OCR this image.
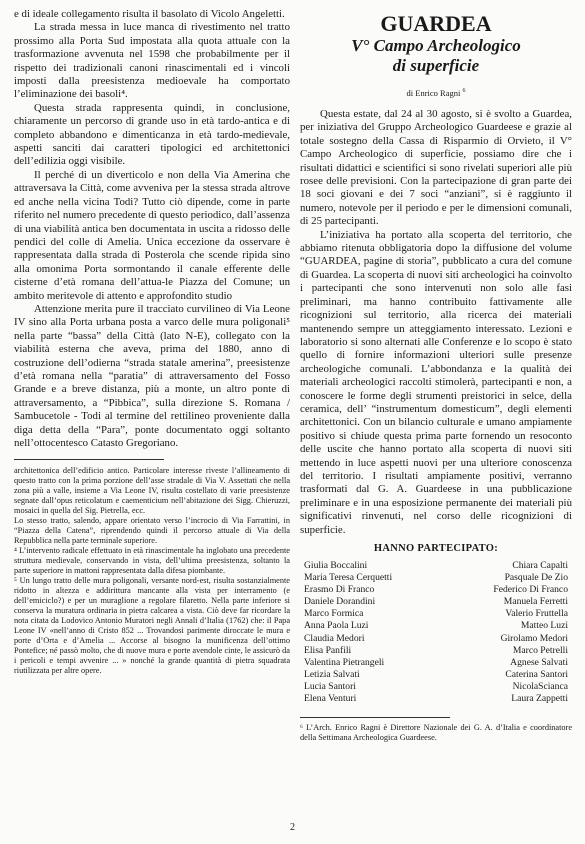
e di ideale collegamento risulta il basolato di Vicolo Angeletti.

La strada messa in luce manca di rivestimento nel tratto prossimo alla Porta Sud impostata alla quota attuale con la trasformazione avvenuta nel 1598 che probabilmente per il rispetto dei tradizionali canoni rinascimentali ed i vincoli imposti dalla preesistenza medioevale ha comportato l’eliminazione dei basoli⁴.

Questa strada rappresenta quindi, in conclusione, chiaramente un percorso di grande uso in età tardo-antica e di completo abbandono e dimenticanza in età tardo-medievale, aspetti sanciti dai caratteri tipologici ed architettonici dell’edilizia oggi visibile.

Il perché di un diverticolo e non della Via Amerina che attraversava la Città, come avveniva per la stessa strada altrove ed anche nella vicina Todi? Tutto ciò dipende, come in parte riferito nel numero precedente di questo periodico, dall’assenza di una viabilità antica ben documentata in uscita a ridosso delle pendici del colle di Amelia. Unica eccezione da osservare è rappresentata dalla strada di Posterola che scende ripida sino alla omonima Porta sormontando il canale efferente delle cisterne d’età romana dell’attua-le Piazza del Comune; un ambito meritevole di attento e approfondito studio

Attenzione merita pure il tracciato curvilineo di Via Leone IV sino alla Porta urbana posta a varco delle mura poligonali⁵ nella parte “bassa” della Città (lato N-E), collegato con la viabilità esterna che aveva, prima del 1880, anno di costruzione dell’odierna “strada statale amerina”, preesistenze d’età romana nella “paratia” di attraversamento del Fosso Grande e a breve distanza, più a monte, un altro ponte di attraversamento, a “Pibbica”, sulla direzione S. Romana / Sambucetole - Todi al termine del rettilineo proveniente dalla diga detta della “Para”, ponte documentato oggi soltanto nell’ottocentesco Catasto Gregoriano.

architettonica dell’edificio antico. Particolare interesse riveste l’allineamento di questo tratto con la prima porzione dell’asse stradale di Via V. Assettati che nella zona più a valle, insieme a Via Leone IV, risulta costellato di varie preesistenze segnate dall’opus reticolatum e caementicium nell’abitazione dei Sigg. Chieruzzi, mosaici in quella del Sig. Pietrella, ecc.

Lo stesso tratto, salendo, appare orientato verso l’incrocio di Via Farrattini, in “Piazza della Catena”, riprendendo quindi il percorso attuale di Via della Repubblica nella parte terminale superiore.

⁴ L’intervento radicale effettuato in età rinascimentale ha inglobato una precedente struttura medievale, conservando in vista, dell’ultima preesistenza, soltanto la parte superiore in mattoni rappresentata dalla difesa piombante.

⁵ Un lungo tratto delle mura poligonali, versante nord-est, risulta sostanzialmente ridotto in altezza e addirittura mancante alla vista per interramento (e dell’emiciclo?) e per un muraglione a regolare filaretto. Nella parte inferiore si conserva la muratura ordinaria in pietra calcarea a vista. Ciò deve far ricordare la nota citata da Lodovico Antonio Muratori negli Annali d’Italia (1762) che: il Papa Leone IV «nell’anno di Cristo 852 ... Trovandosi parimente diroccate le mura e porte d’Orta e d’Amelia ... Accorse al bisogno la munificenza dell’ottimo Pontefice; né passò molto, che di nuove mura e porte avendole cinte, le assicurò da i pericoli e tempi avvenire ... » nonché la grande quantità di pietra squadrata riutilizzata per altre opere.

GUARDEA
V° Campo Archeologico
di superficie
di Enrico Ragni $^6$

Questa estate, dal 24 al 30 agosto, si è svolto a Guardea, per iniziativa del Gruppo Archeologico Guardeese e grazie al totale sostegno della Cassa di Risparmio di Orvieto, il V° Campo Archeologico di superficie, possiamo dire che i risultati didattici e scientifici si sono rivelati superiori alle più rosee delle previsioni. Con la partecipazione di gran parte dei 18 soci giovani e dei 7 soci “anziani”, si è raggiunto il numero, notevole per il periodo e per le dimensioni comunali, di 25 partecipanti.

L’iniziativa ha portato alla scoperta del territorio, che abbiamo ritenuta obbligatoria dopo la diffusione del volume “GUARDEA, pagine di storia”, pubblicato a cura del comune di Guardea. La scoperta di nuovi siti archeologici ha coinvolto i partecipanti che sono intervenuti non solo alle fasi preliminari, ma hanno contribuito fattivamente alle ricognizioni sul territorio, alla ricerca dei materiali mantenendo sempre un atteggiamento interessato. Lezioni e laboratorio si sono alternati alle Conferenze e lo scopo è stato quello di fornire informazioni ulteriori sulle presenze archeologiche comunali. L’abbondanza e la qualità dei materiali archeologici raccolti stimolerà, partecipanti e non, a conoscere le forme degli strumenti preistorici in selce, della ceramica, dell’ “instrumentum domesticum”, degli elementi architettonici. Con un bilancio culturale e umano ampiamente positivo si chiude questa prima parte fornendo un resoconto delle uscite che hanno portato alla scoperta di nuovi siti mettendo in luce aspetti nuovi per una ulteriore conoscenza del territorio. I risultati ampiamente positivi, verranno trasformati dal G. A. Guardeese in una pubblicazione preliminare e in una esposizione permanente dei materiali più significativi rinvenuti, nel corso delle ricognizioni di superficie.

HANNO PARTECIPATO:
Giulia Boccalini
Maria Teresa Cerquetti
Erasmo Di Franco
Daniele Dorandini
Marco Formica
Anna Paola Luzi
Claudia Medori
Elisa Panfili
Valentina Pietrangeli
Letizia Salvati
Lucia Santori
Elena Venturi
Chiara Capalti
Pasquale De Zio
Federico Di Franco
Manuela Ferretti
Valerio Fruttella
Matteo Luzi
Girolamo Medori
Marco Petrelli
Agnese Salvati
Caterina Santori
NicolaScianca
Laura Zappetti

⁶ L’Arch. Enrico Ragni è Direttore Nazionale dei G. A. d’Italia e coordinatore della Settimana Archeologica Guardeese.

2
